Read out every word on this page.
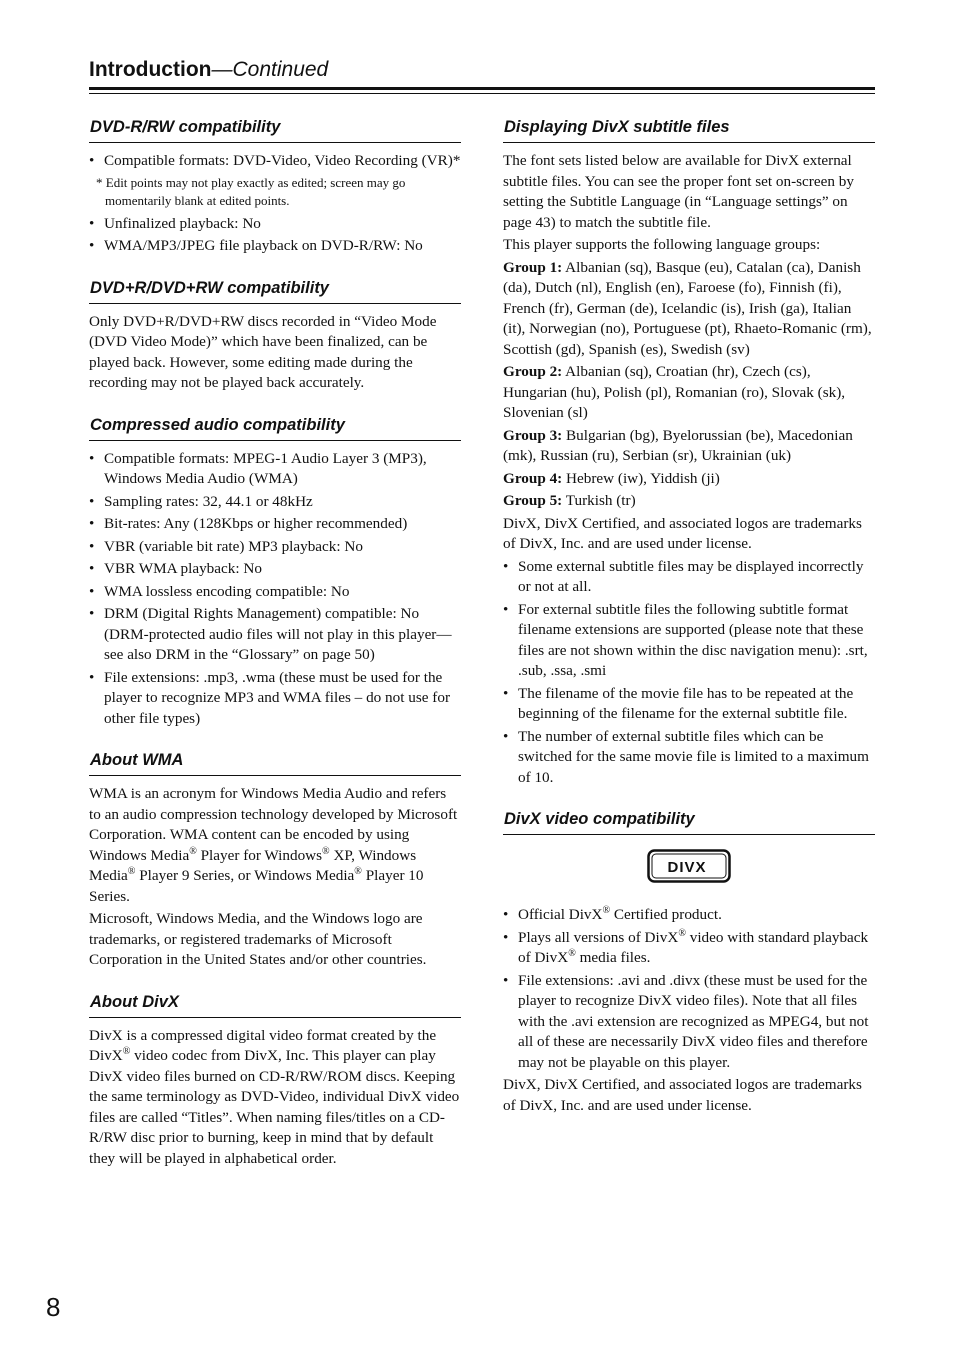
Introduction—Continued
DVD-R/RW compatibility
• Compatible formats: DVD-Video, Video Recording (VR)*

* Edit points may not play exactly as edited; screen may go momentarily blank at edited points.

• Unfinalized playback: No
• WMA/MP3/JPEG file playback on DVD-R/RW: No
DVD+R/DVD+RW compatibility

Only DVD+R/DVD+RW discs recorded in “Video Mode (DVD Video Mode)” which have been finalized, can be played back. However, some editing made during the recording may not be played back accurately.

Compressed audio compatibility
• Compatible formats: MPEG-1 Audio Layer 3 (MP3), Windows Media Audio (WMA)
• Sampling rates: 32, 44.1 or 48kHz
• Bit-rates: Any (128Kbps or higher recommended)
• VBR (variable bit rate) MP3 playback: No
• VBR WMA playback: No
• WMA lossless encoding compatible: No
• DRM (Digital Rights Management) compatible: No (DRM-protected audio files will not play in this player—see also DRM in the “Glossary” on page 50)
• File extensions: .mp3, .wma (these must be used for the player to recognize MP3 and WMA files – do not use for other file types)
About WMA

WMA is an acronym for Windows Media Audio and refers to an audio compression technology developed by Microsoft Corporation. WMA content can be encoded by using Windows Media® Player for Windows® XP, Windows Media® Player 9 Series, or Windows Media® Player 10 Series.

Microsoft, Windows Media, and the Windows logo are trademarks, or registered trademarks of Microsoft Corporation in the United States and/or other countries.

About DivX

DivX is a compressed digital video format created by the DivX® video codec from DivX, Inc. This player can play DivX video files burned on CD-R/RW/ROM discs. Keeping the same terminology as DVD-Video, individual DivX video files are called “Titles”. When naming files/titles on a CD-R/RW disc prior to burning, keep in mind that by default they will be played in alphabetical order.

Displaying DivX subtitle files

The font sets listed below are available for DivX external subtitle files. You can see the proper font set on-screen by setting the Subtitle Language (in “Language settings” on page 43) to match the subtitle file.

This player supports the following language groups:

Group 1: Albanian (sq), Basque (eu), Catalan (ca), Danish (da), Dutch (nl), English (en), Faroese (fo), Finnish (fi), French (fr), German (de), Icelandic (is), Irish (ga), Italian (it), Norwegian (no), Portuguese (pt), Rhaeto-Romanic (rm), Scottish (gd), Spanish (es), Swedish (sv)

Group 2: Albanian (sq), Croatian (hr), Czech (cs), Hungarian (hu), Polish (pl), Romanian (ro), Slovak (sk), Slovenian (sl)

Group 3: Bulgarian (bg), Byelorussian (be), Macedonian (mk), Russian (ru), Serbian (sr), Ukrainian (uk)

Group 4: Hebrew (iw), Yiddish (ji)

Group 5: Turkish (tr)

DivX, DivX Certified, and associated logos are trademarks of DivX, Inc. and are used under license.

• Some external subtitle files may be displayed incorrectly or not at all.
• For external subtitle files the following subtitle format filename extensions are supported (please note that these files are not shown within the disc navigation menu): .srt, .sub, .ssa, .smi
• The filename of the movie file has to be repeated at the beginning of the filename for the external subtitle file.
• The number of external subtitle files which can be switched for the same movie file is limited to a maximum of 10.
DivX video compatibility
DIVX
• Official DivX® Certified product.
• Plays all versions of DivX® video with standard playback of DivX® media files.
• File extensions: .avi and .divx (these must be used for the player to recognize DivX video files). Note that all files with the .avi extension are recognized as MPEG4, but not all of these are necessarily DivX video files and therefore may not be playable on this player.

DivX, DivX Certified, and associated logos are trademarks of DivX, Inc. and are used under license.

8
